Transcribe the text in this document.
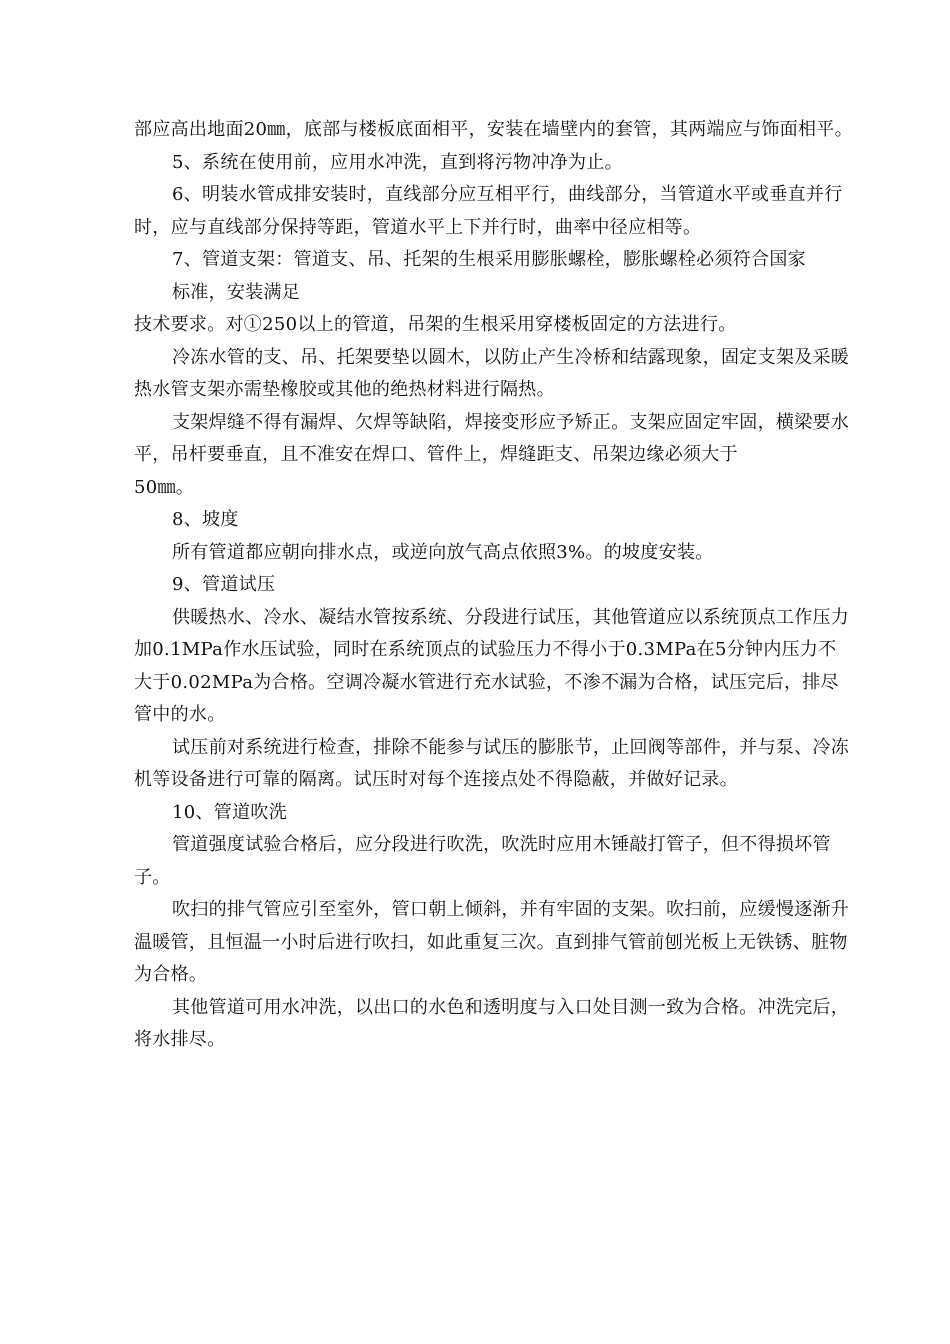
部应高出地面20㎜，底部与楼板底面相平，安装在墙壁内的套管，其两端应与饰面相平。

5、系统在使用前，应用水冲洗，直到将污物冲净为止。

6、明装水管成排安装时，直线部分应互相平行，曲线部分，当管道水平或垂直并行时，应与直线部分保持等距，管道水平上下并行时，曲率中径应相等。

7、管道支架：管道支、吊、托架的生根采用膨胀螺栓，膨胀螺栓必须符合国家

标准，安装满足

技术要求。对①250以上的管道，吊架的生根采用穿楼板固定的方法进行。

冷冻水管的支、吊、托架要垫以圆木，以防止产生冷桥和结露现象，固定支架及采暖热水管支架亦需垫橡胶或其他的绝热材料进行隔热。

支架焊缝不得有漏焊、欠焊等缺陷，焊接变形应予矫正。支架应固定牢固，横梁要水平，吊杆要垂直，且不准安在焊口、管件上，焊缝距支、吊架边缘必须大于

50㎜。

8、坡度

所有管道都应朝向排水点，或逆向放气高点依照3%。的坡度安装。

9、管道试压

供暖热水、冷水、凝结水管按系统、分段进行试压，其他管道应以系统顶点工作压力加0.1MPa作水压试验，同时在系统顶点的试验压力不得小于0.3MPa在5分钟内压力不大于0.02MPa为合格。空调冷凝水管进行充水试验，不渗不漏为合格，试压完后，排尽管中的水。

试压前对系统进行检查，排除不能参与试压的膨胀节，止回阀等部件，并与泵、冷冻机等设备进行可靠的隔离。试压时对每个连接点处不得隐蔽，并做好记录。

10、管道吹洗

管道强度试验合格后，应分段进行吹洗，吹洗时应用木锤敲打管子，但不得损坏管子。

吹扫的排气管应引至室外，管口朝上倾斜，并有牢固的支架。吹扫前，应缓慢逐渐升温暖管，且恒温一小时后进行吹扫，如此重复三次。直到排气管前刨光板上无铁锈、脏物为合格。

其他管道可用水冲洗，以出口的水色和透明度与入口处目测一致为合格。冲洗完后，将水排尽。
